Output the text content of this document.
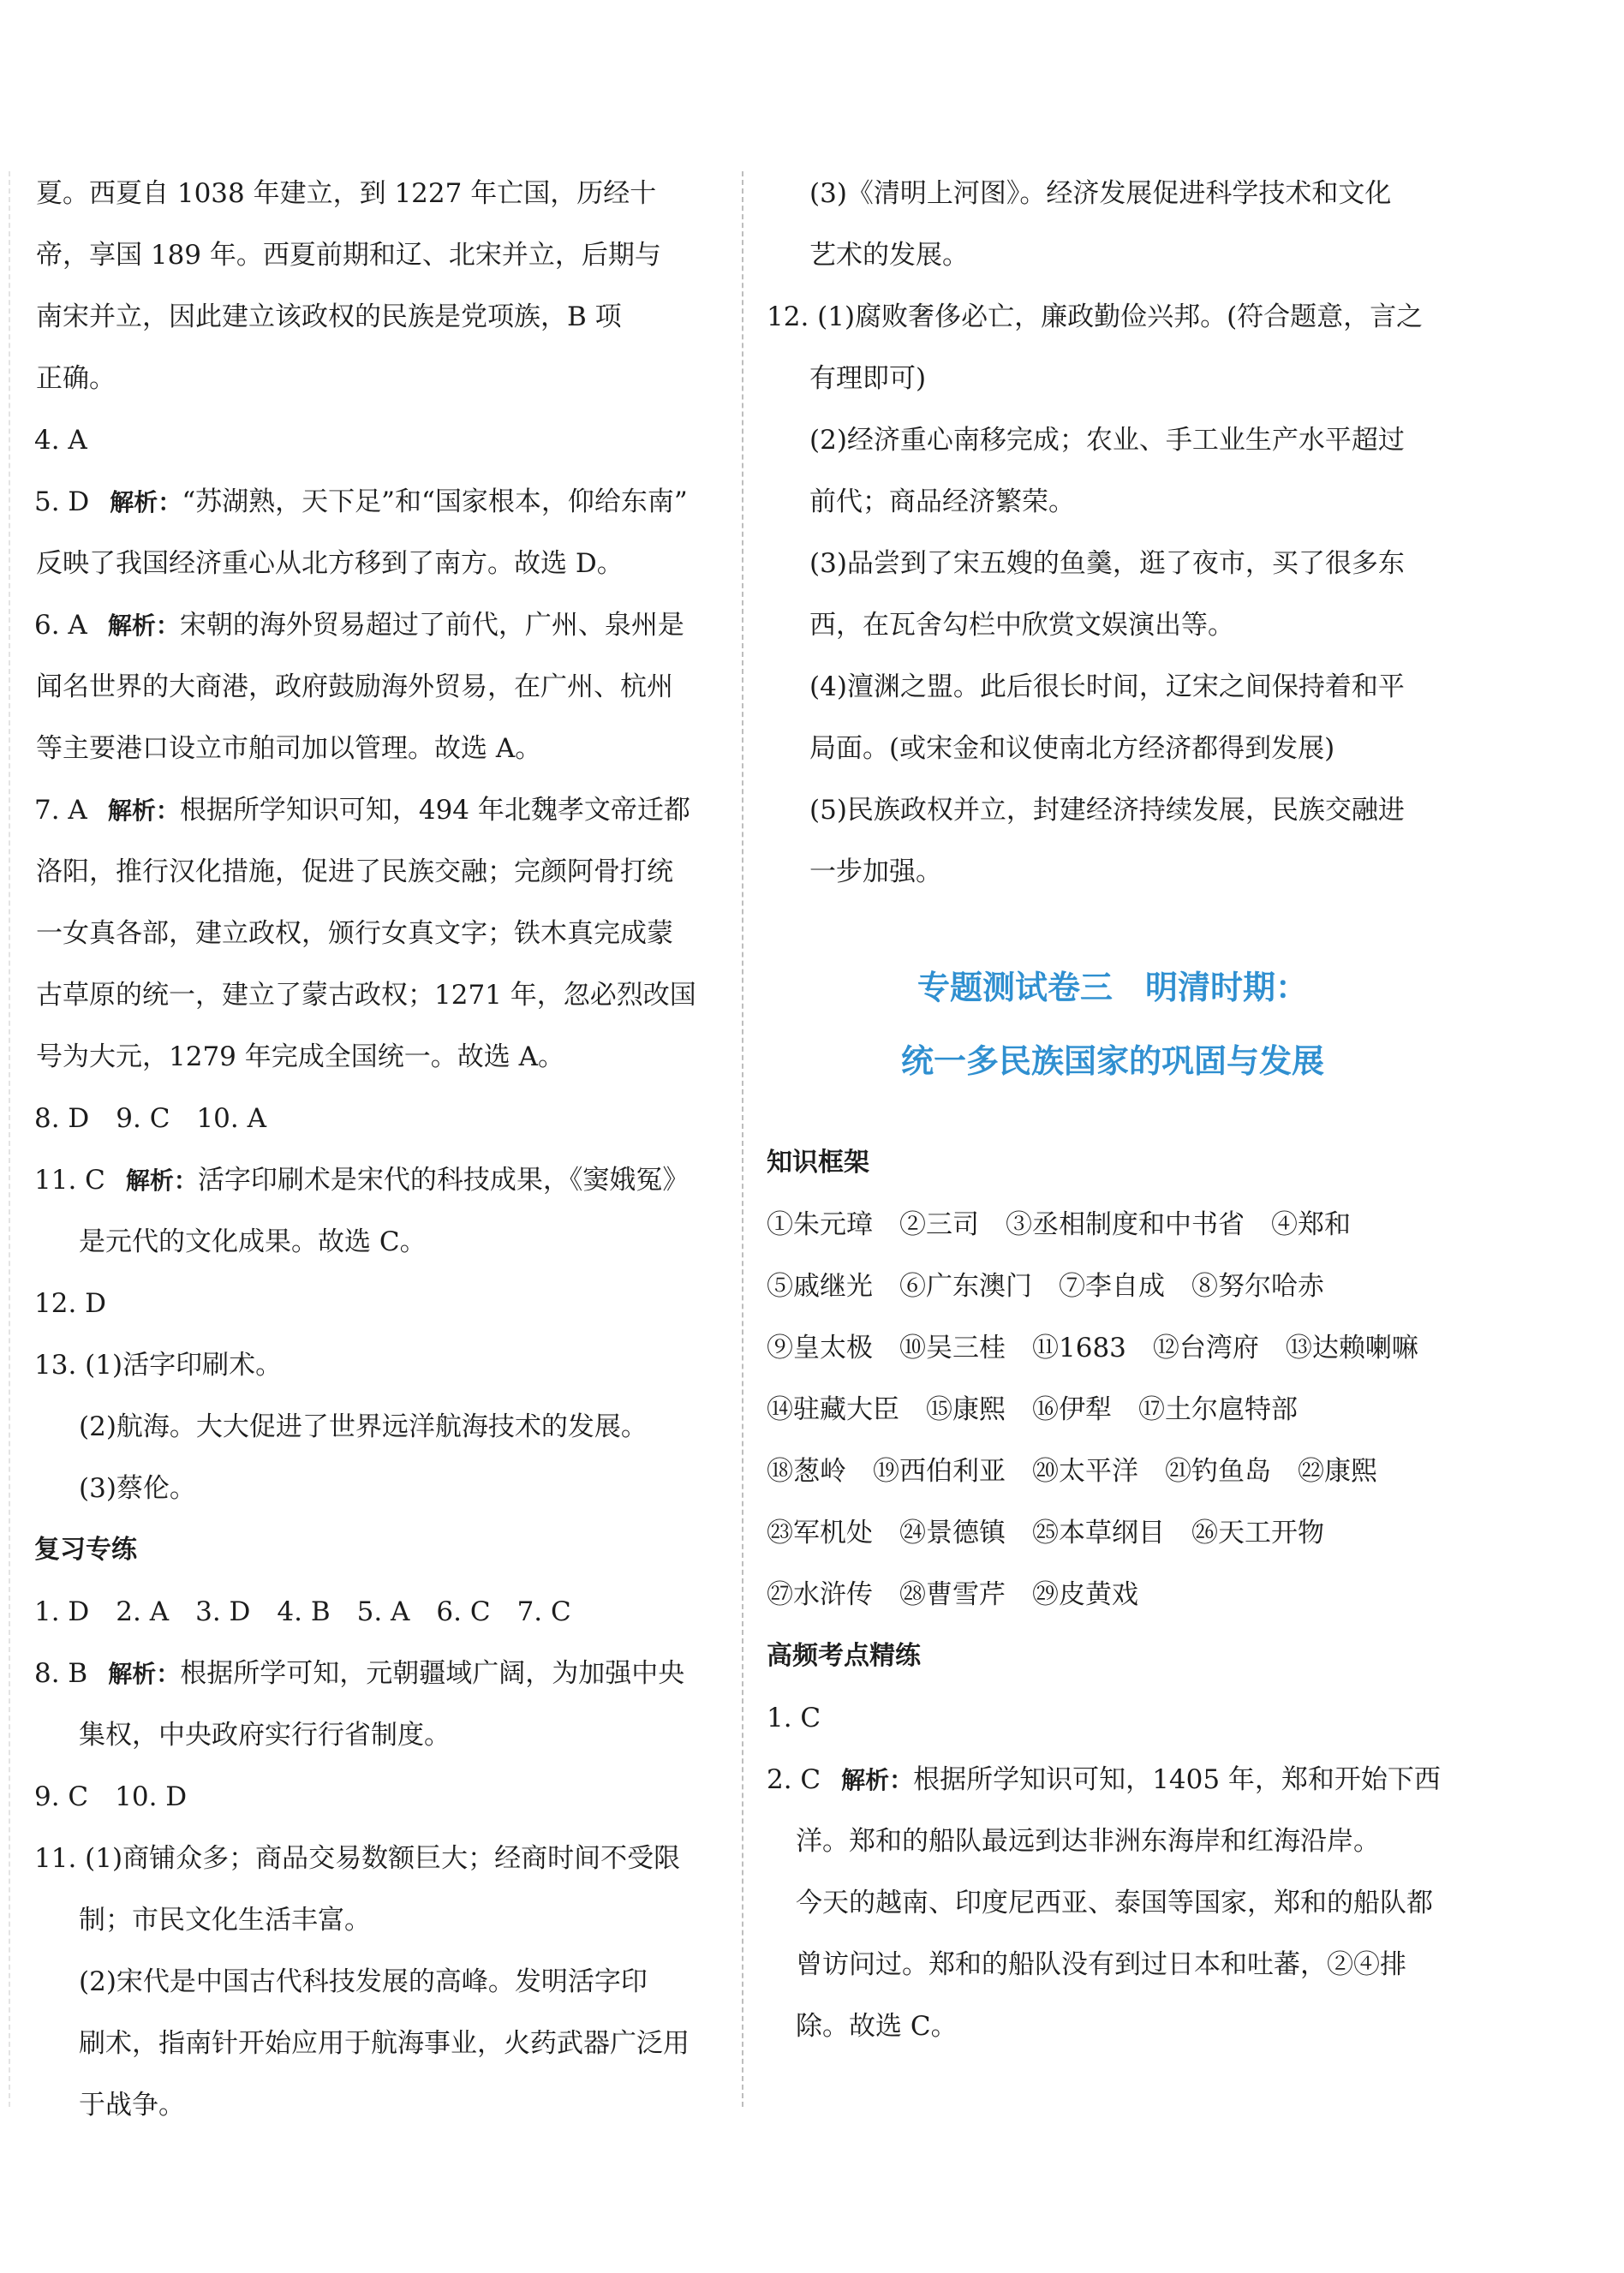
夏。西夏自 1038 年建立，到 1227 年亡国，历经十
帝，享国 189 年。西夏前期和辽、北宋并立，后期与
南宋并立，因此建立该政权的民族是党项族，B 项
正确。
4. A
5. D 解析：“苏湖熟，天下足”和“国家根本，仰给东南”
反映了我国经济重心从北方移到了南方。故选 D。
6. A 解析：宋朝的海外贸易超过了前代，广州、泉州是
闻名世界的大商港，政府鼓励海外贸易，在广州、杭州
等主要港口设立市舶司加以管理。故选 A。
7. A 解析：根据所学知识可知，494 年北魏孝文帝迁都
洛阳，推行汉化措施，促进了民族交融；完颜阿骨打统
一女真各部，建立政权，颁行女真文字；铁木真完成蒙
古草原的统一，建立了蒙古政权；1271 年，忽必烈改国
号为大元，1279 年完成全国统一。故选 A。
8. D　9. C　10. A
11. C 解析：活字印刷术是宋代的科技成果，《窦娥冤》
是元代的文化成果。故选 C。
12. D
13. (1)活字印刷术。
(2)航海。大大促进了世界远洋航海技术的发展。
(3)蔡伦。
复习专练
1. D　2. A　3. D　4. B　5. A　6. C　7. C
8. B 解析：根据所学可知，元朝疆域广阔，为加强中央
集权，中央政府实行行省制度。
9. C　10. D
11. (1)商铺众多；商品交易数额巨大；经商时间不受限
制；市民文化生活丰富。
(2)宋代是中国古代科技发展的高峰。发明活字印
刷术，指南针开始应用于航海事业，火药武器广泛用
于战争。
(3)《清明上河图》。经济发展促进科学技术和文化
艺术的发展。
12. (1)腐败奢侈必亡，廉政勤俭兴邦。(符合题意，言之
有理即可)
(2)经济重心南移完成；农业、手工业生产水平超过
前代；商品经济繁荣。
(3)品尝到了宋五嫂的鱼羹，逛了夜市，买了很多东
西，在瓦舍勾栏中欣赏文娱演出等。
(4)澶渊之盟。此后很长时间，辽宋之间保持着和平
局面。(或宋金和议使南北方经济都得到发展)
(5)民族政权并立，封建经济持续发展，民族交融进
一步加强。
专题测试卷三　明清时期：
统一多民族国家的巩固与发展
知识框架
①朱元璋　②三司　③丞相制度和中书省　④郑和
⑤戚继光　⑥广东澳门　⑦李自成　⑧努尔哈赤
⑨皇太极　⑩吴三桂　⑪1683　⑫台湾府　⑬达赖喇嘛
⑭驻藏大臣　⑮康熙　⑯伊犁　⑰土尔扈特部
⑱葱岭　⑲西伯利亚　⑳太平洋　㉑钓鱼岛　㉒康熙
㉓军机处　㉔景德镇　㉕本草纲目　㉖天工开物
㉗水浒传　㉘曹雪芹　㉙皮黄戏
高频考点精练
1. C
2. C 解析：根据所学知识可知，1405 年，郑和开始下西
洋。郑和的船队最远到达非洲东海岸和红海沿岸。
今天的越南、印度尼西亚、泰国等国家，郑和的船队都
曾访问过。郑和的船队没有到过日本和吐蕃，②④排
除。故选 C。
